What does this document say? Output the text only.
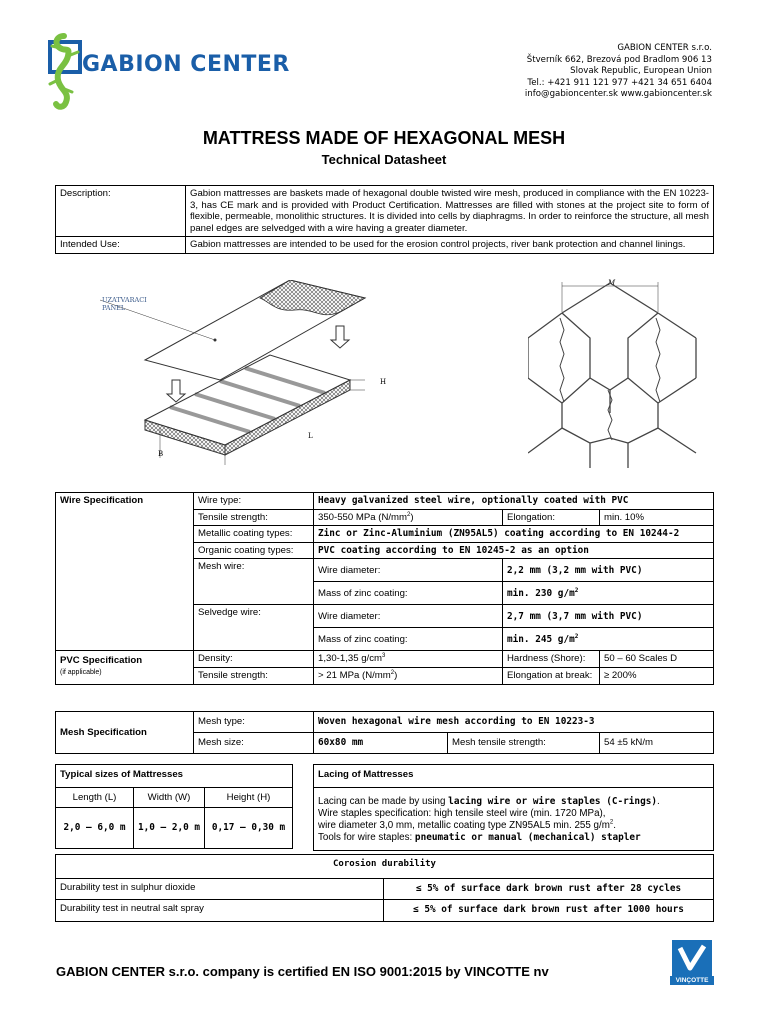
GABION CENTER
GABION CENTER s.r.o.
Štverník 662, Brezová pod Bradlom 906 13
Slovak Republic, European Union
Tel.: +421 911 121 977 +421 34 651 6404
info@gabioncenter.sk www.gabioncenter.sk
MATTRESS MADE OF HEXAGONAL MESH
Technical Datasheet
Description:	Gabion mattresses are baskets made of hexagonal double twisted wire mesh, produced in compliance with the EN 10223-3, has CE mark and is provided with Product Certification. Mattresses are filled with stones at the project site to form of flexible, permeable, monolithic structures. It is divided into cells by diaphragms. In order to reinforce the structure, all mesh panel edges are selvedged with a wire having a greater diameter.
Intended Use:	Gabion mattresses are intended to be used for the erosion control projects, river bank protection and channel linings.
UZATVARACI
PANEL
H
L
B
M
Wire Specification	Wire type:	Heavy galvanized steel wire, optionally coated with PVC		
	Tensile strength:	350-550 MPa $(N/mm^2)$	Elongation:	min. 10%
	Metallic coating types:	Zinc or Zinc-Aluminium (ZN95AL5) coating according to EN 10244-2		
	Organic coating types:	PVC coating according to EN 10245-2 as an option		
	Mesh wire:	Wire diameter:	2,2 mm (3,2 mm with PVC)	
		Mass of zinc coating:	min. 230 $g/m^2$
	Selvedge wire:	Wire diameter:	2,7 mm (3,7 mm with PVC)	
		Mass of zinc coating:	min. 245 $g/m^2$

PVC Specification
(if applicable)	Density:	1,30-1,35 $g/cm^3$	Hardness (Shore):	50 – 60 Scales D
	Tensile strength:	> 21 MPa $(N/mm^2)$	Elongation at break:	≥ 200%
Mesh Specification	Mesh type:	Woven hexagonal wire mesh according to EN 10223-3		
	Mesh size:	60x80 mm	Mesh tensile strength:	54 ±5 kN/m
Typical sizes of Mattresses		
Length (L)	Width (W)	Height (H)
2,0 – 6,0 m	1,0 – 2,0 m	0,17 – 0,30 m
Lacing of Mattresses

Lacing can be made by using lacing wire or wire staples (C-rings).
Wire staples specification: high tensile steel wire (min. 1720 MPa),
wire diameter 3,0 mm, metallic coating type ZN95AL5 min. 255 $g/m^2$.
Tools for wire staples: pneumatic or manual (mechanical) stapler
Corosion durability	
Durability test in sulphur dioxide	≤ 5% of surface dark brown rust after 28 cycles
Durability test in neutral salt spray	≤ 5% of surface dark brown rust after 1000 hours
GABION CENTER s.r.o. company is certified EN ISO 9001:2015 by VINCOTTE nv
VINÇOTTE
